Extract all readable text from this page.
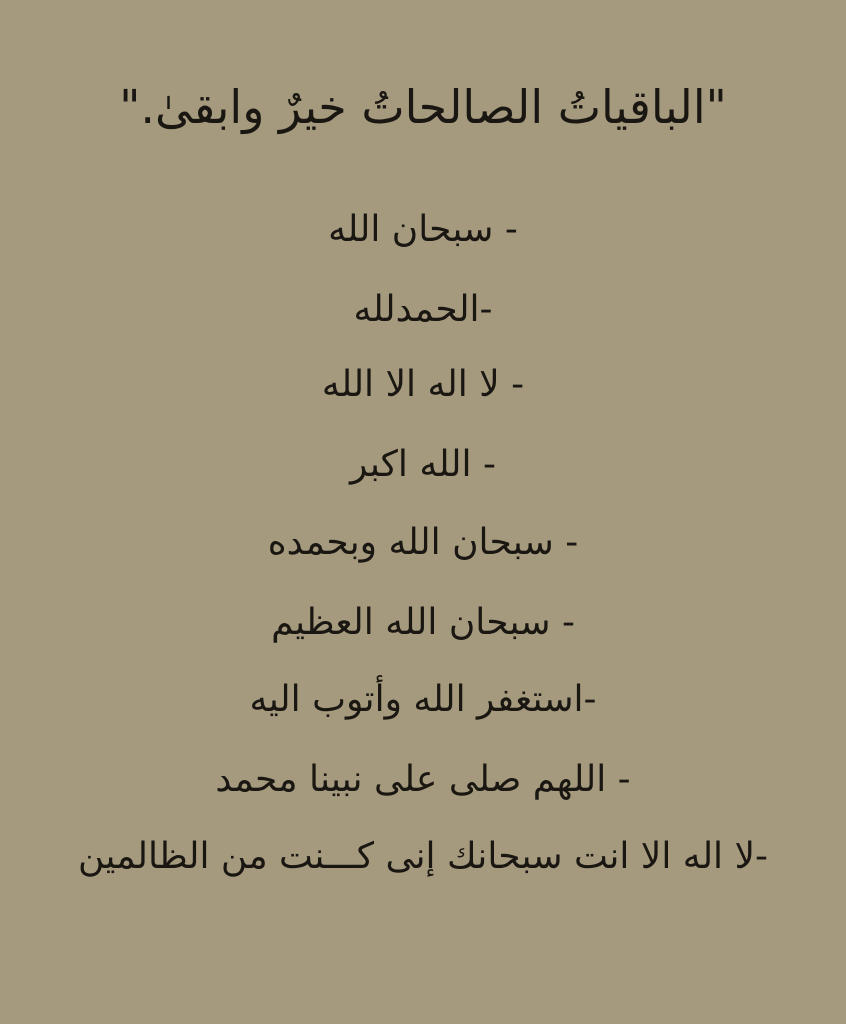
"الباقياتُ الصالحاتُ خيرٌ وابقىٰ."
- سبحان الله
-الحمدلله
- لا اله الا الله
- الله اكبر
- سبحان الله وبحمده
- سبحان الله العظيم
-استغفر الله وأتوب اليه
- اللهم صلى على نبينا محمد
-لا اله الا انت سبحانك إنى كـــنت من الظالمين
